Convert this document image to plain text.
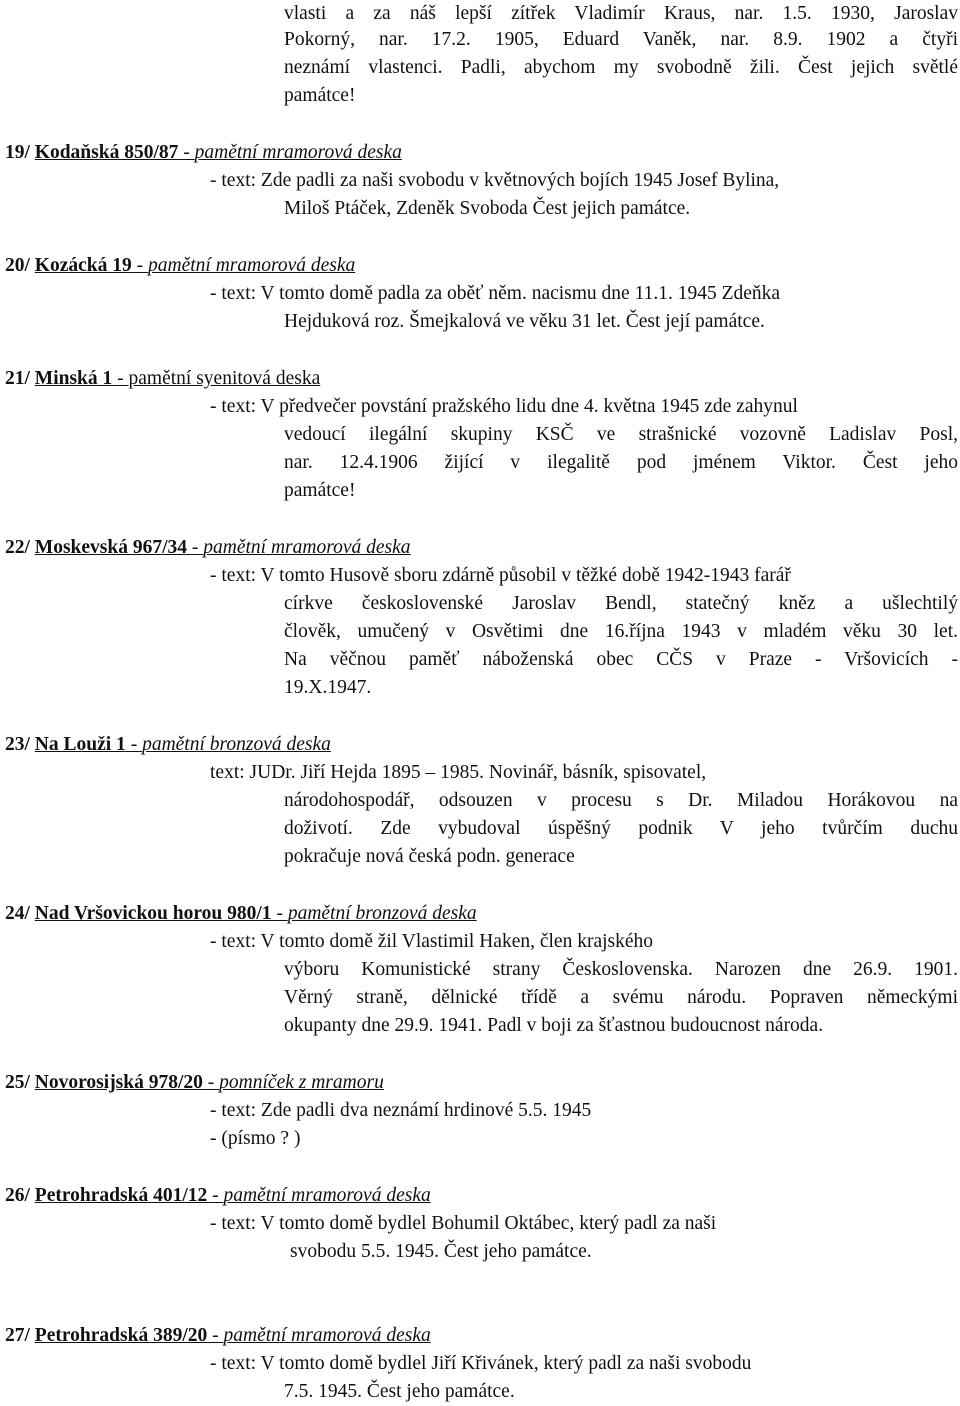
vlasti a za náš lepší zítřek Vladimír Kraus, nar. 1.5. 1930, Jaroslav
Pokorný, nar. 17.2. 1905, Eduard Vaněk, nar. 8.9. 1902 a čtyři
neznámí vlastenci. Padli, abychom my svobodně žili. Čest jejich světlé
památce!
19/ Kodaňská 850/87 - pamětní mramorová deska
- text: Zde padli za naši svobodu v květnových bojích 1945 Josef Bylina,
Miloš Ptáček, Zdeněk Svoboda Čest jejich památce.
20/ Kozácká 19 - pamětní mramorová deska
- text: V tomto domě padla za oběť něm. nacismu dne 11.1. 1945 Zdeňka
Hejduková roz. Šmejkalová ve věku 31 let. Čest její památce.
21/ Minská 1 - pamětní syenitová deska
- text: V předvečer povstání pražského lidu dne 4. května 1945 zde zahynul
vedoucí ilegální skupiny KSČ ve strašnické vozovně Ladislav Posl,
nar. 12.4.1906 žijící v ilegalitě pod jménem Viktor. Čest jeho
památce!
22/ Moskevská 967/34 - pamětní mramorová deska
- text: V tomto Husově sboru zdárně působil v těžké době 1942-1943 farář
církve československé Jaroslav Bendl, statečný kněz a ušlechtilý
člověk, umučený v Osvětimi dne 16.října 1943 v mladém věku 30 let.
Na věčnou paměť náboženská obec CČS v Praze - Vršovicích -
19.X.1947.
23/ Na Louži 1 - pamětní bronzová deska
text: JUDr. Jiří Hejda 1895 – 1985. Novinář, básník, spisovatel,
národohospodář, odsouzen v procesu s Dr. Miladou Horákovou na
doživotí. Zde vybudoval úspěšný podnik V jeho tvůrčím duchu
pokračuje nová česká podn. generace
24/ Nad Vršovickou horou 980/1 - pamětní bronzová deska
- text: V tomto domě žil Vlastimil Haken, člen krajského
výboru Komunistické strany Československa. Narozen dne 26.9. 1901.
Věrný straně, dělnické třídě a svému národu. Popraven německými
okupanty dne 29.9. 1941. Padl v boji za šťastnou budoucnost národa.
25/ Novorosijská 978/20 - pomníček z mramoru
- text: Zde padli dva neznámí hrdinové 5.5. 1945
- (písmo ? )
26/ Petrohradská 401/12 - pamětní mramorová deska
- text: V tomto domě bydlel Bohumil Oktábec, který padl za naši
svobodu 5.5. 1945. Čest jeho památce.
27/ Petrohradská 389/20 - pamětní mramorová deska
- text: V tomto domě bydlel Jiří Křivánek, který padl za naši svobodu
7.5. 1945. Čest jeho památce.
